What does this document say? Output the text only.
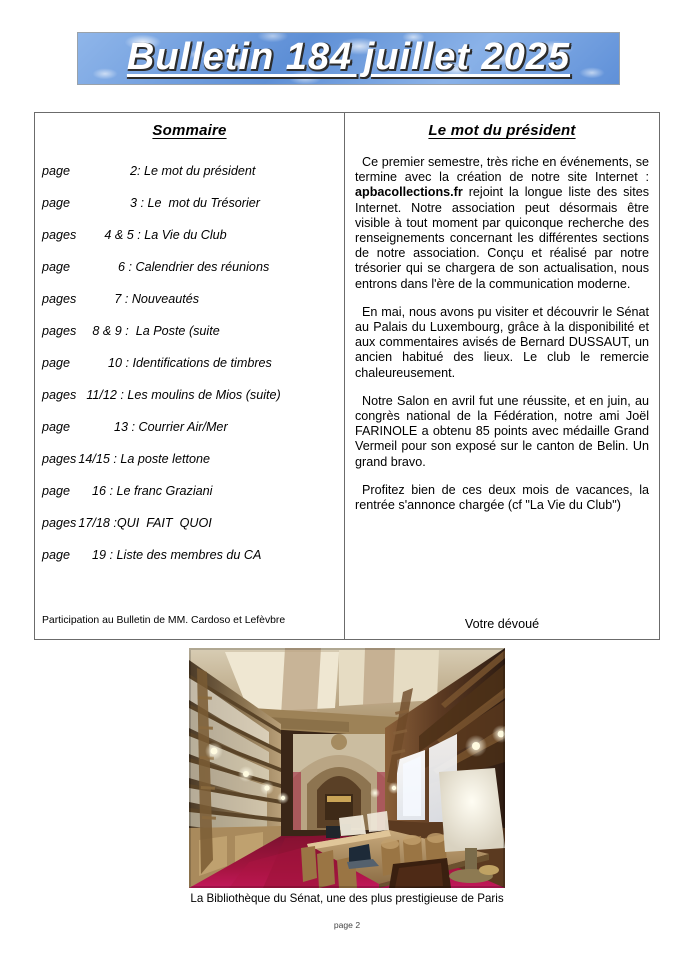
Bulletin 184 juillet 2025
Sommaire
page	2: Le mot du président
page	3 : Le  mot du Trésorier
pages 4 & 5 : La Vie du Club
page	6 : Calendrier des réunions
pages	7 : Nouveautés
pages 8 & 9 :  La Poste (suite
page	10 : Identifications de timbres
pages 11/12 : Les moulins de Mios (suite)
page	13 : Courrier Air/Mer
pages 14/15 : La poste lettone
page 16 : Le franc Graziani
pages 17/18 :QUI  FAIT  QUOI
page 19 : Liste des membres du CA
Participation au Bulletin de MM. Cardoso et Lefèvbre
Le mot du président

Ce premier semestre, très riche en événements, se termine avec la création de notre site Internet : apbacollections.fr rejoint la longue liste des sites Internet. Notre association peut désormais être visible à tout moment par quiconque recherche des renseignements concernant les différentes sections de notre association. Conçu et réalisé par notre trésorier qui se chargera de son actualisation, nous entrons dans l'ère de la communication moderne.

En mai, nous avons pu visiter et découvrir le Sénat au Palais du Luxembourg, grâce à la disponibilité et aux commentaires avisés de Bernard DUSSAUT, un ancien habitué des lieux. Le club le remercie chaleureusement.

Notre Salon en avril fut une réussite, et en juin, au congrès national de la Fédération, notre ami Joël FARINOLE a obtenu 85 points avec médaille Grand Vermeil pour son exposé sur le canton de Belin. Un grand bravo.

Profitez bien de ces deux mois de vacances, la rentrée s'annonce chargée (cf "La Vie du Club")

Votre dévoué
La Bibliothèque du Sénat, une des plus prestigieuse de Paris
page 2
